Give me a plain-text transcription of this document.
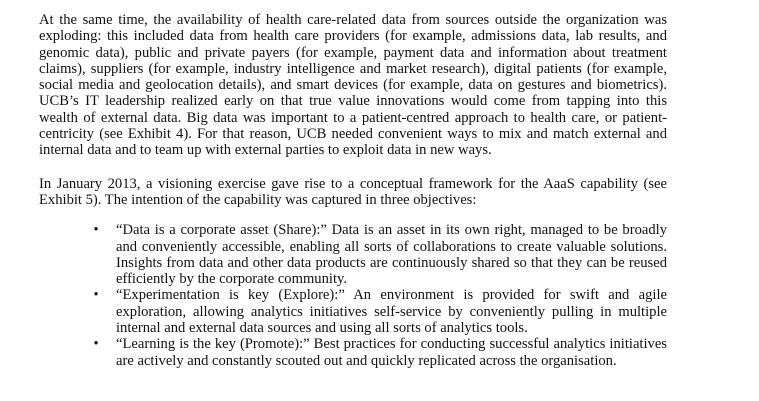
At the same time, the availability of health care-related data from sources outside the organization was exploding: this included data from health care providers (for example, admissions data, lab results, and genomic data), public and private payers (for example, payment data and information about treatment claims), suppliers (for example, industry intelligence and market research), digital patients (for example, social media and geolocation details), and smart devices (for example, data on gestures and biometrics). UCB’s IT leadership realized early on that true value innovations would come from tapping into this wealth of external data. Big data was important to a patient-centred approach to health care, or patient-centricity (see Exhibit 4). For that reason, UCB needed convenient ways to mix and match external and internal data and to team up with external parties to exploit data in new ways.

In January 2013, a visioning exercise gave rise to a conceptual framework for the AaaS capability (see Exhibit 5). The intention of the capability was captured in three objectives:

• “Data is a corporate asset (Share):” Data is an asset in its own right, managed to be broadly and conveniently accessible, enabling all sorts of collaborations to create valuable solutions. Insights from data and other data products are continuously shared so that they can be reused efficiently by the corporate community.
• “Experimentation is key (Explore):” An environment is provided for swift and agile exploration, allowing analytics initiatives self-service by conveniently pulling in multiple internal and external data sources and using all sorts of analytics tools.
• “Learning is the key (Promote):” Best practices for conducting successful analytics initiatives are actively and constantly scouted out and quickly replicated across the organisation.
